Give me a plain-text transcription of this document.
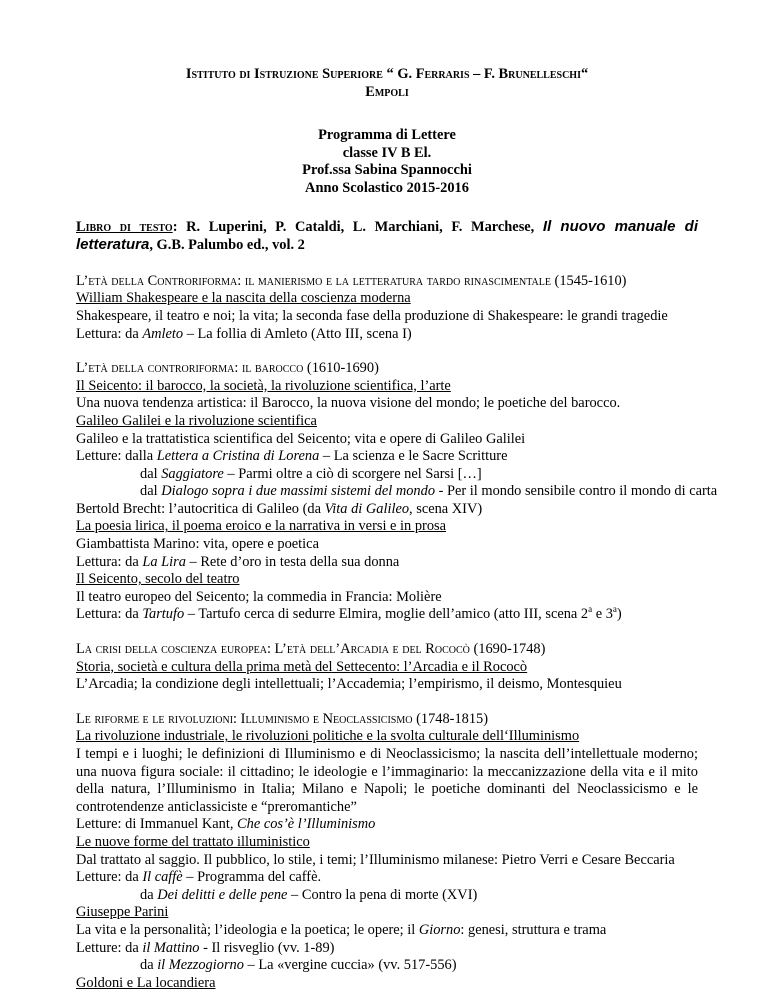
Istituto di Istruzione Superiore “ G. Ferraris – F. Brunelleschi“
Empoli
Programma di Lettere
classe IV B El.
Prof.ssa Sabina Spannocchi
Anno Scolastico 2015-2016
Libro di testo: R. Luperini, P. Cataldi, L. Marchiani, F. Marchese, Il nuovo manuale di letteratura, G.B. Palumbo ed., vol. 2
L’età della Controriforma: il manierismo e la letteratura tardo rinascimentale (1545-1610)
William Shakespeare e la nascita della coscienza moderna
Shakespeare, il teatro e noi; la vita; la seconda fase della produzione di Shakespeare: le grandi tragedie
Lettura: da Amleto – La follia di Amleto (Atto III, scena I)
L’età della controriforma: il barocco (1610-1690)
Il Seicento: il barocco, la società, la rivoluzione scientifica, l’arte
Una nuova tendenza artistica: il Barocco, la nuova visione del mondo; le poetiche del barocco.
Galileo Galilei e la rivoluzione scientifica
Galileo e la trattatistica scientifica del Seicento; vita e opere di Galileo Galilei
Letture: dalla Lettera a Cristina di Lorena – La scienza e le Sacre Scritture
dal Saggiatore – Parmi oltre a ciò di scorgere nel Sarsi […]
dal Dialogo sopra i due massimi sistemi del mondo - Per il mondo sensibile contro il mondo di carta
Bertold Brecht: l’autocritica di Galileo (da Vita di Galileo, scena XIV)
La poesia lirica, il poema eroico e la narrativa in versi e in prosa
Giambattista Marino: vita, opere e poetica
Lettura: da La Lira – Rete d’oro in testa della sua donna
Il Seicento, secolo del teatro
Il teatro europeo del Seicento; la commedia in Francia: Molière
Lettura: da Tartufo – Tartufo cerca di sedurre Elmira, moglie dell’amico (atto III, scena 2$^a$ e 3$^a$)
La crisi della coscienza europea: L’età dell’Arcadia e del Rococò (1690-1748)
Storia, società e cultura della prima metà del Settecento: l’Arcadia e il Rococò
L’Arcadia; la condizione degli intellettuali; l’Accademia; l’empirismo, il deismo, Montesquieu
Le riforme e le rivoluzioni: Illuminismo e Neoclassicismo (1748-1815)
La rivoluzione industriale, le rivoluzioni politiche e la svolta culturale dell‘Illuminismo
I tempi e i luoghi; le definizioni di Illuminismo e di Neoclassicismo; la nascita dell’intellettuale moderno; una nuova figura sociale: il cittadino; le ideologie e l’immaginario: la meccanizzazione della vita e il mito della natura, l’Illuminismo in Italia; Milano e Napoli; le poetiche dominanti del Neoclassicismo e le controtendenze anticlassiciste e “preromantiche”
Letture: di Immanuel Kant, Che cos’è l’Illuminismo
Le nuove forme del trattato illuministico
Dal trattato al saggio. Il pubblico, lo stile, i temi; l’Illuminismo milanese: Pietro Verri e Cesare Beccaria
Letture: da Il caffè – Programma del caffè.
da Dei delitti e delle pene – Contro la pena di morte (XVI)
Giuseppe Parini
La vita e la personalità; l’ideologia e la poetica; le opere; il Giorno: genesi, struttura e trama
Letture: da il Mattino - Il risveglio (vv. 1-89)
da il Mezzogiorno – La «vergine cuccia» (vv. 517-556)
Goldoni e La locandiera
